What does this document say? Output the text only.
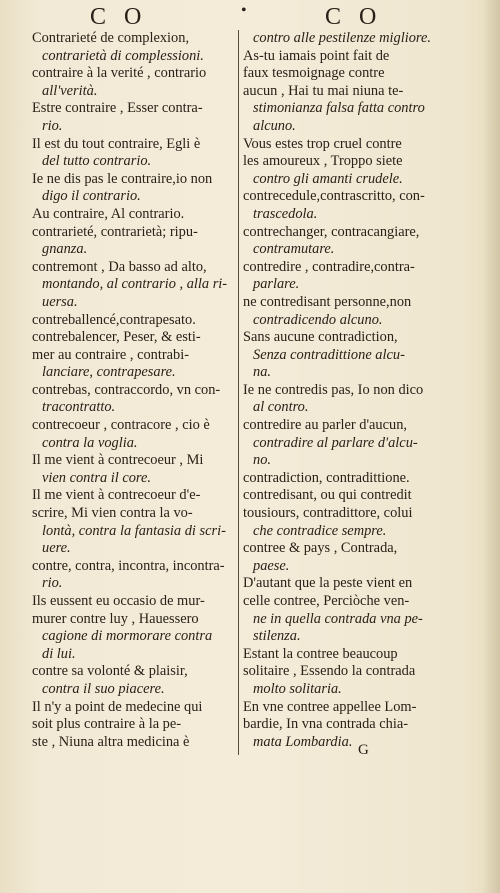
C O	•	C O
Contrarieté de complexion,
contrarietà di complessioni.
contraire à la verité , contrario
all'verità.
Estre contraire , Esser contra-
rio.
Il est du tout contraire, Egli è
del tutto contrario.
Ie ne dis pas le contraire,io non
digo il contrario.
Au contraire, Al contrario.
contrarieté, contrarietà; ripu-
gnanza.
contremont , Da basso ad alto,
montando, al contrario , alla ri-
uersa.
contreballencé,contrapesato.
contrebalencer, Peser, & esti-
mer au contraire , contrabi-
lanciare, contrapesare.
contrebas, contraccordo, vn con-
tracontratto.
contrecoeur , contracore , cio è
contra la voglia.
Il me vient à contrecoeur , Mi
vien contra il core.
Il me vient à contrecoeur d'e-
scrire, Mi vien contra la vo-
lontà, contra la fantasia di scri-
uere.
contre, contra, incontra, incontra-
rio.
Ils eussent eu occasio de mur-
murer contre luy , Hauessero
cagione di mormorare contra
di lui.
contre sa volonté & plaisir,
contra il suo piacere.
Il n'y a point de medecine qui
soit plus contraire à la pe-
ste , Niuna altra medicina è
contro alle pestilenze migliore.
As-tu iamais point fait de
faux tesmoignage contre
aucun , Hai tu mai niuna te-
stimonianza falsa fatta contro
alcuno.
Vous estes trop cruel contre
les amoureux , Troppo siete
contro gli amanti crudele.
contrecedule,contrascritto, con-
trascedola.
contrechanger, contracangiare,
contramutare.
contredire , contradire,contra-
parlare.
ne contredisant personne,non
contradicendo alcuno.
Sans aucune contradiction,
Senza contradittione alcu-
na.
Ie ne contredis pas, Io non dico
al contro.
contredire au parler d'aucun,
contradire al parlare d'alcu-
no.
contradiction, contradittione.
contredisant, ou qui contredit
tousiours, contradittore, colui
che contradice sempre.
contree & pays , Contrada,
paese.
D'autant que la peste vient en
celle contree, Perciòche ven-
ne in quella contrada vna pe-
stilenza.
Estant la contree beaucoup
solitaire , Essendo la contrada
molto solitaria.
En vne contree appellee Lom-
bardie, In vna contrada chia-
mata Lombardia.
G
